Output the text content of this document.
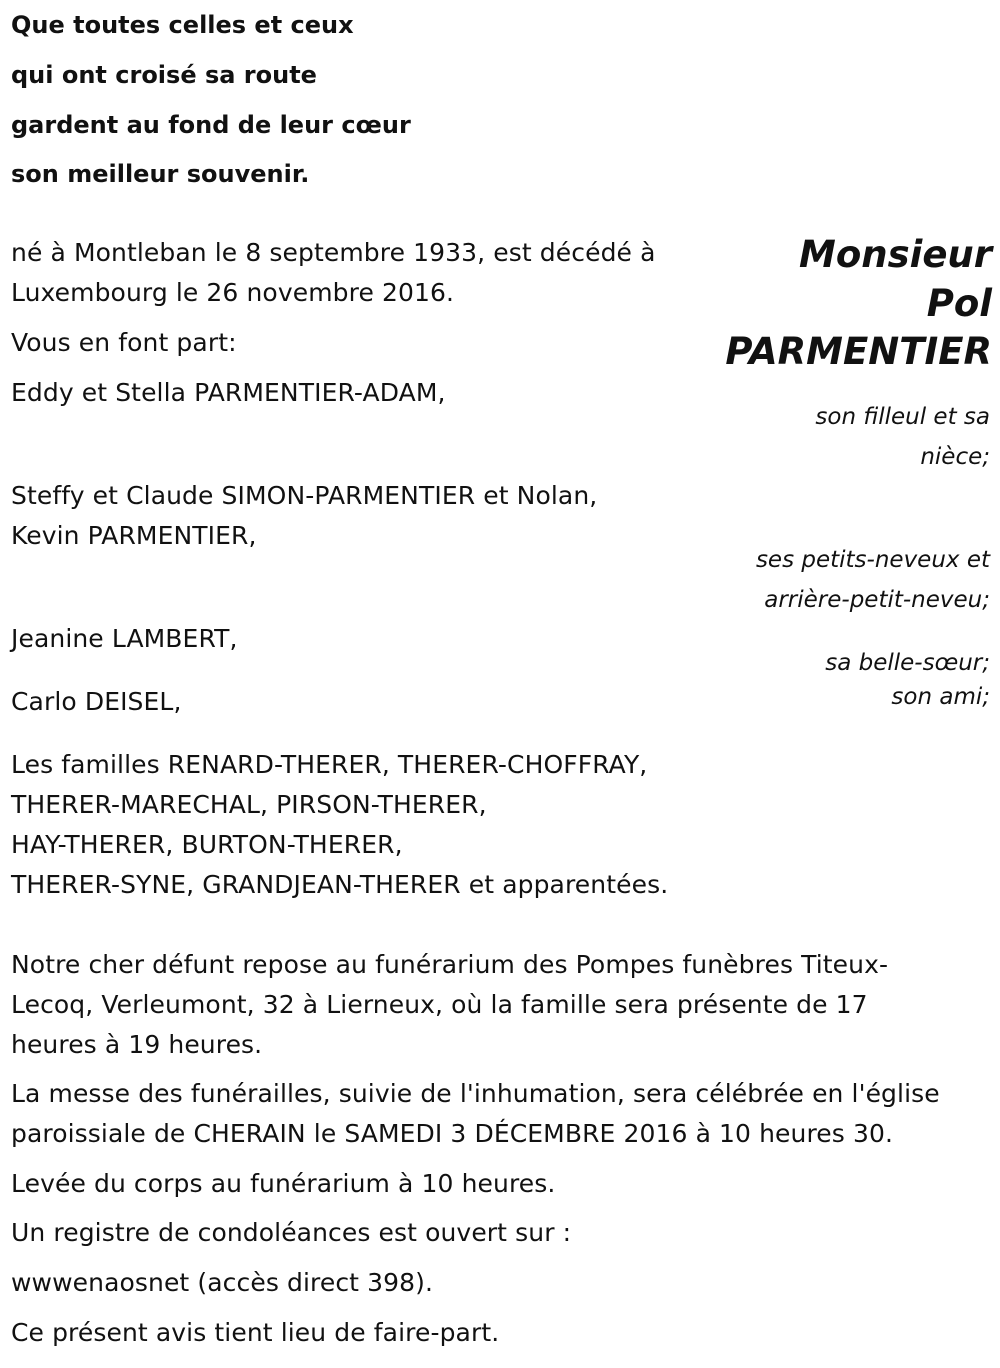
Que toutes celles et ceux
qui ont croisé sa route
gardent au fond de leur cœur
son meilleur souvenir.
Monsieur
Pol
PARMENTIER
né à Montleban le 8 septembre 1933, est décédé à
Luxembourg le 26 novembre 2016.
Vous en font part:
Eddy et Stella PARMENTIER-ADAM,
son filleul et sa
nièce;
Steffy et Claude SIMON-PARMENTIER et Nolan,
Kevin PARMENTIER,
ses petits-neveux et
arrière-petit-neveu;
Jeanine LAMBERT,
sa belle-sœur;
Carlo DEISEL,	son ami;
Les familles RENARD-THERER, THERER-CHOFFRAY,
THERER-MARECHAL, PIRSON-THERER,
HAY-THERER, BURTON-THERER,
THERER-SYNE, GRANDJEAN-THERER et apparentées.
Notre cher défunt repose au funérarium des Pompes funèbres Titeux-
Lecoq, Verleumont, 32 à Lierneux, où la famille sera présente de 17
heures à 19 heures.
La messe des funérailles, suivie de l'inhumation, sera célébrée en l'église
paroissiale de CHERAIN le SAMEDI 3 DÉCEMBRE 2016 à 10 heures 30.
Levée du corps au funérarium à 10 heures.
Un registre de condoléances est ouvert sur :
wwwenaosnet (accès direct 398).
Ce présent avis tient lieu de faire-part.
